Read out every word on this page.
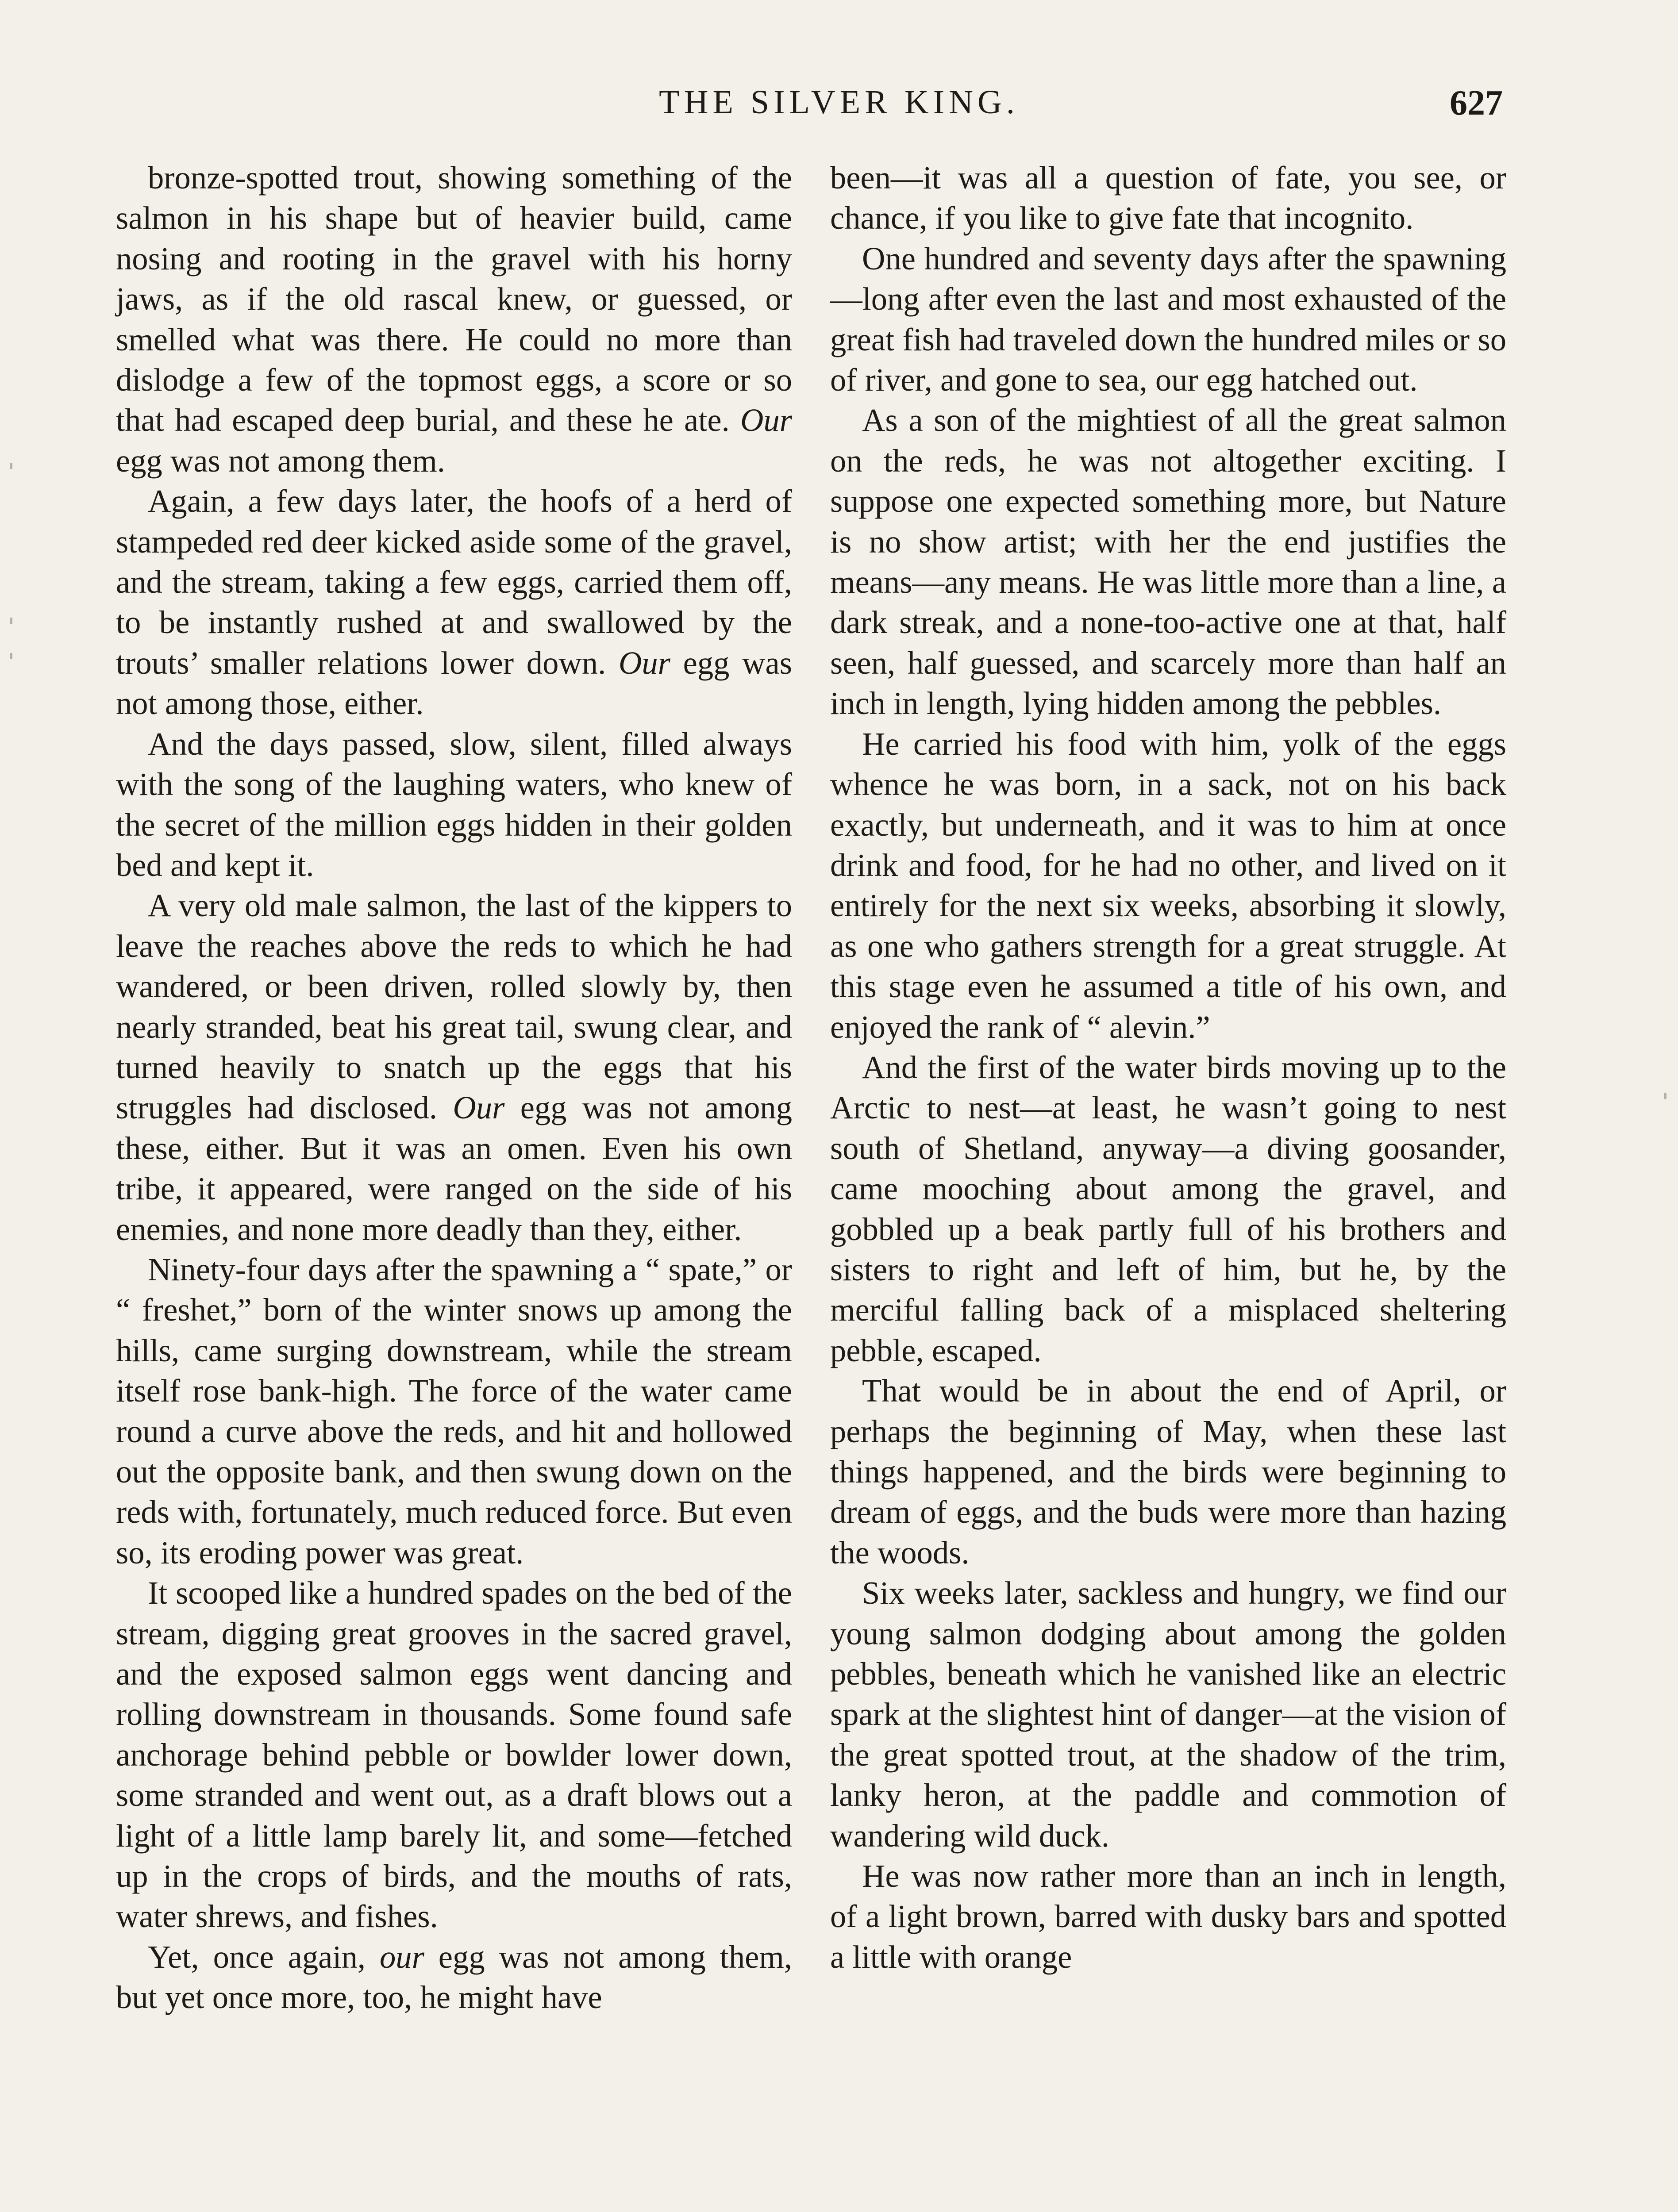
THE SILVER KING.	627

bronze-spotted trout, showing something of the salmon in his shape but of heavier build, came nosing and rooting in the gravel with his horny jaws, as if the old rascal knew, or guessed, or smelled what was there. He could no more than dislodge a few of the topmost eggs, a score or so that had escaped deep burial, and these he ate. Our egg was not among them.

Again, a few days later, the hoofs of a herd of stampeded red deer kicked aside some of the gravel, and the stream, taking a few eggs, carried them off, to be instantly rushed at and swallowed by the trouts’ smaller relations lower down. Our egg was not among those, either.

And the days passed, slow, silent, filled always with the song of the laughing waters, who knew of the secret of the million eggs hidden in their golden bed and kept it.

A very old male salmon, the last of the kippers to leave the reaches above the reds to which he had wandered, or been driven, rolled slowly by, then nearly stranded, beat his great tail, swung clear, and turned heavily to snatch up the eggs that his struggles had disclosed. Our egg was not among these, either. But it was an omen. Even his own tribe, it appeared, were ranged on the side of his enemies, and none more deadly than they, either.

Ninety-four days after the spawning a “ spate,” or “ freshet,” born of the winter snows up among the hills, came surging downstream, while the stream itself rose bank-high. The force of the water came round a curve above the reds, and hit and hollowed out the opposite bank, and then swung down on the reds with, fortunately, much reduced force. But even so, its eroding power was great.

It scooped like a hundred spades on the bed of the stream, digging great grooves in the sacred gravel, and the exposed salmon eggs went dancing and rolling downstream in thousands. Some found safe anchorage behind pebble or bowlder lower down, some stranded and went out, as a draft blows out a light of a little lamp barely lit, and some—fetched up in the crops of birds, and the mouths of rats, water shrews, and fishes.

Yet, once again, our egg was not among them, but yet once more, too, he might have

been—it was all a question of fate, you see, or chance, if you like to give fate that incognito.

One hundred and seventy days after the spawning—long after even the last and most exhausted of the great fish had traveled down the hundred miles or so of river, and gone to sea, our egg hatched out.

As a son of the mightiest of all the great salmon on the reds, he was not altogether exciting. I suppose one expected something more, but Nature is no show artist; with her the end justifies the means—any means. He was little more than a line, a dark streak, and a none-too-active one at that, half seen, half guessed, and scarcely more than half an inch in length, lying hidden among the pebbles.

He carried his food with him, yolk of the eggs whence he was born, in a sack, not on his back exactly, but underneath, and it was to him at once drink and food, for he had no other, and lived on it entirely for the next six weeks, absorbing it slowly, as one who gathers strength for a great struggle. At this stage even he assumed a title of his own, and enjoyed the rank of “ alevin.”

And the first of the water birds moving up to the Arctic to nest—at least, he wasn’t going to nest south of Shetland, anyway—a diving goosander, came mooching about among the gravel, and gobbled up a beak partly full of his brothers and sisters to right and left of him, but he, by the merciful falling back of a misplaced sheltering pebble, escaped.

That would be in about the end of April, or perhaps the beginning of May, when these last things happened, and the birds were beginning to dream of eggs, and the buds were more than hazing the woods.

Six weeks later, sackless and hungry, we find our young salmon dodging about among the golden pebbles, beneath which he vanished like an electric spark at the slightest hint of danger—at the vision of the great spotted trout, at the shadow of the trim, lanky heron, at the paddle and commotion of wandering wild duck.

He was now rather more than an inch in length, of a light brown, barred with dusky bars and spotted a little with orange
